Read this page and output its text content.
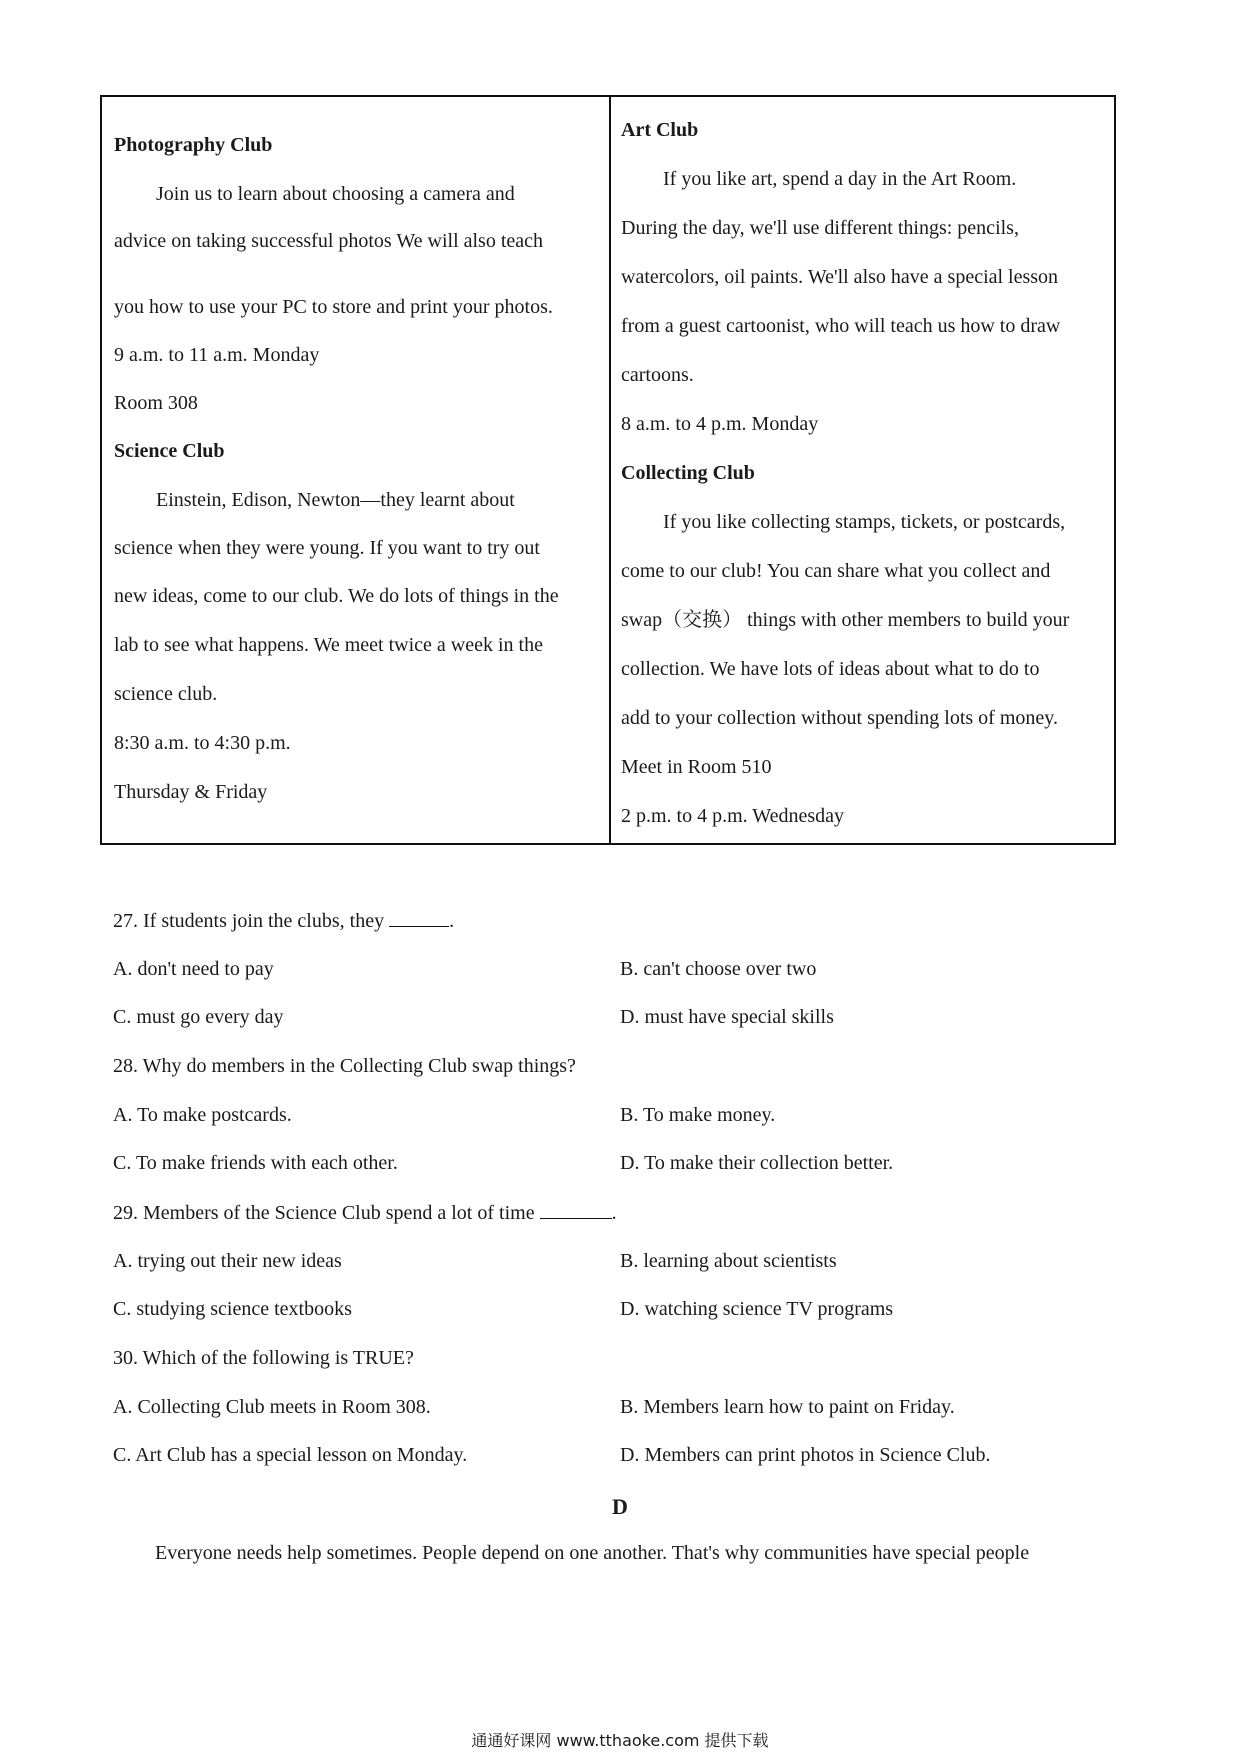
Photography Club
Join us to learn about choosing a camera and
advice on taking successful photos We will also teach
you how to use your PC to store and print your photos.
9 a.m. to 11 a.m. Monday
Room 308
Science Club
Einstein, Edison, Newton—they learnt about
science when they were young. If you want to try out
new ideas, come to our club. We do lots of things in the
lab to see what happens. We meet twice a week in the
science club.
8:30 a.m. to 4:30 p.m.
Thursday & Friday
Art Club
If you like art, spend a day in the Art Room.
During the day, we'll use different things: pencils,
watercolors, oil paints. We'll also have a special lesson
from a guest cartoonist, who will teach us how to draw
cartoons.
8 a.m. to 4 p.m. Monday
Collecting Club
If you like collecting stamps, tickets, or postcards,
come to our club! You can share what you collect and
swap（交换） things with other members to build your
collection. We have lots of ideas about what to do to
add to your collection without spending lots of money.
Meet in Room 510
2 p.m. to 4 p.m. Wednesday
27. If students join the clubs, they	.
A. don't need to pay	B. can't choose over two
C. must go every day	D. must have special skills
28. Why do members in the Collecting Club swap things?
A. To make postcards.	B. To make money.
C. To make friends with each other.	D. To make their collection better.
29. Members of the Science Club spend a lot of time	.
A. trying out their new ideas	B. learning about scientists
C. studying science textbooks	D. watching science TV programs
30. Which of the following is TRUE?
A. Collecting Club meets in Room 308.	B. Members learn how to paint on Friday.
C. Art Club has a special lesson on Monday.	D. Members can print photos in Science Club.
D
Everyone needs help sometimes. People depend on one another. That's why communities have special people
通通好课网 www.tthaoke.com 提供下载
